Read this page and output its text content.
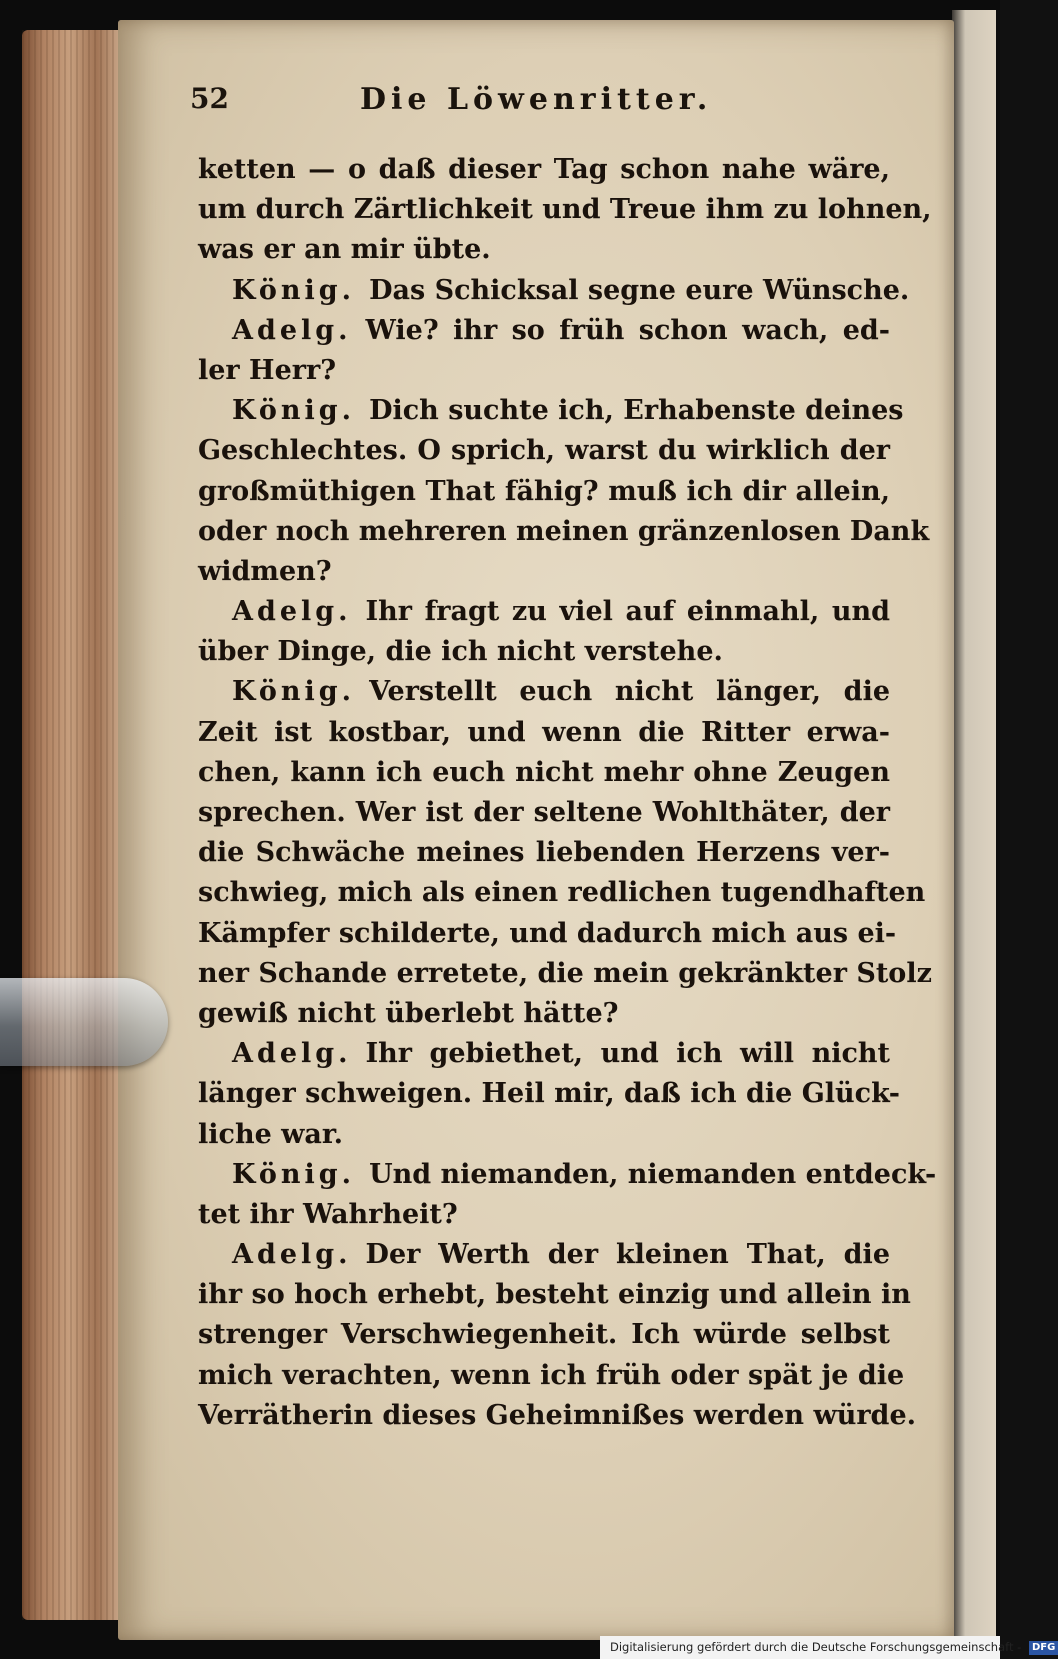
52	Die Löwenritter.
ketten — o daß dieser Tag schon nahe wäre,
um durch Zärtlichkeit und Treue ihm zu lohnen,
was er an mir übte.
König. Das Schicksal segne eure Wünsche.
Adelg. Wie? ihr so früh schon wach, ed-
ler Herr?
König. Dich suchte ich, Erhabenste deines
Geschlechtes. O sprich, warst du wirklich der
großmüthigen That fähig? muß ich dir allein,
oder noch mehreren meinen gränzenlosen Dank
widmen?
Adelg. Ihr fragt zu viel auf einmahl, und
über Dinge, die ich nicht verstehe.
König. Verstellt euch nicht länger, die
Zeit ist kostbar, und wenn die Ritter erwa-
chen, kann ich euch nicht mehr ohne Zeugen
sprechen. Wer ist der seltene Wohlthäter, der
die Schwäche meines liebenden Herzens ver-
schwieg, mich als einen redlichen tugendhaften
Kämpfer schilderte, und dadurch mich aus ei-
ner Schande erretete, die mein gekränkter Stolz
gewiß nicht überlebt hätte?
Adelg. Ihr gebiethet, und ich will nicht
länger schweigen. Heil mir, daß ich die Glück-
liche war.
König. Und niemanden, niemanden entdeck-
tet ihr Wahrheit?
Adelg. Der Werth der kleinen That, die
ihr so hoch erhebt, besteht einzig und allein in
strenger Verschwiegenheit. Ich würde selbst
mich verachten, wenn ich früh oder spät je die
Verrätherin dieses Geheimnißes werden würde.
Digitalisierung gefördert durch die Deutsche Forschungsgemeinschaft - DFG
